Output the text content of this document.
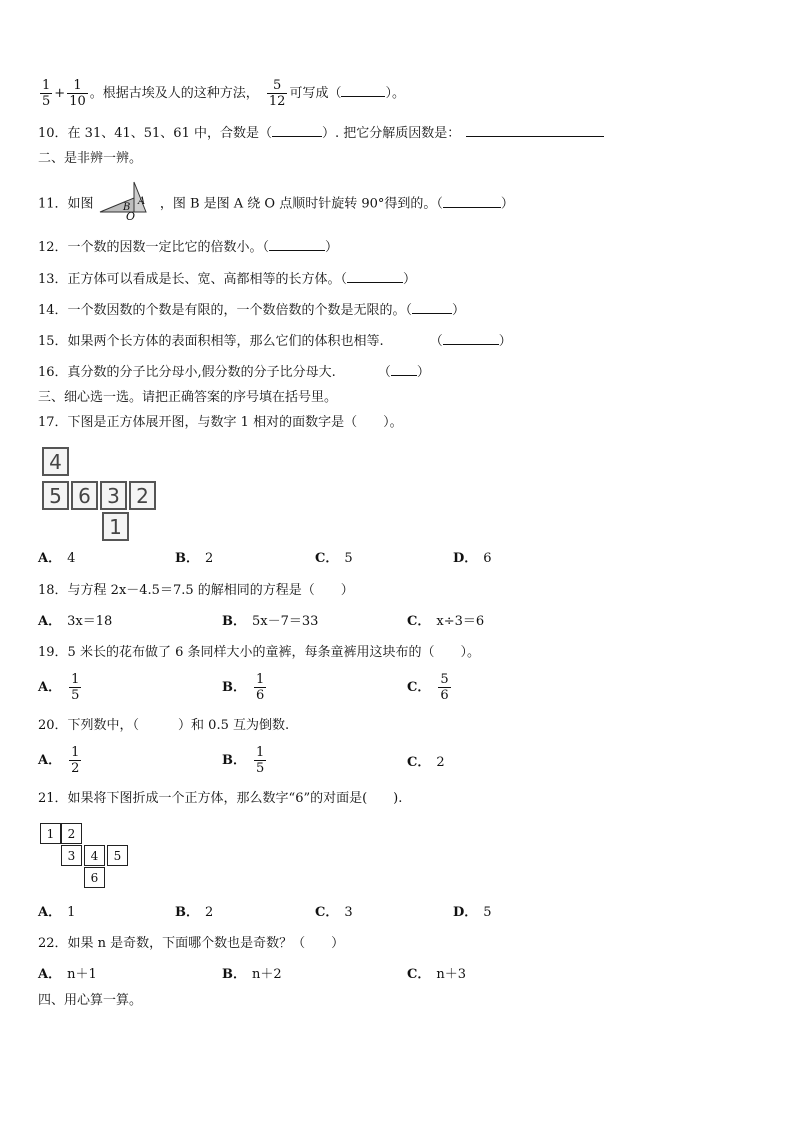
$\frac{1}{5} + \frac{1}{10}$ 。根据古埃及人的这种方法， $\frac{5}{12}$ 可写成（	）。
10．在 31、41、51、61 中，合数是（	）. 把它分解质因数是：
二、是非辨一辨。
11．如图	A
B ，图 B 是图 A 绕 O 点顺时针旋转 90°得到的。（	）
O
12．一个数的因数一定比它的倍数小。（	）
13．正方体可以看成是长、宽、高都相等的长方体。（	）
14．一个数因数的个数是有限的，一个数倍数的个数是无限的。（	）
15．如果两个长方体的表面积相等，那么它们的体积也相等.	（	）
16．真分数的分子比分母小,假分数的分子比分母大.	（ ）
三、细心选一选。请把正确答案的序号填在括号里。
17．下图是正方体展开图，与数字 1 相对的面数字是（　　）。
4
5 6 3 2
1
A． 4	B． 2	C． 5	D． 6
18．与方程 2x－4.5＝7.5 的解相同的方程是（　　）
A． 3x＝18	B． 5x－7＝33	C． x÷3＝6
19．5 米长的花布做了 6 条同样大小的童裤，每条童裤用这块布的（　　）。
A． $\frac{1}{5}$	B． $\frac{1}{6}$	C． $\frac{5}{6}$
20．下列数中，（　　　）和 0.5 互为倒数.
A． $\frac{1}{2}$	B． $\frac{1}{5}$	C． 2
21．如果将下图折成一个正方体，那么数字“6”的对面是(　　).
1	2
3	4	5
6
A． 1	B． 2	C． 3	D． 5
22．如果 n 是奇数，下面哪个数也是奇数？（　　）
A． n＋1	B． n＋2	C． n＋3
四、用心算一算。
